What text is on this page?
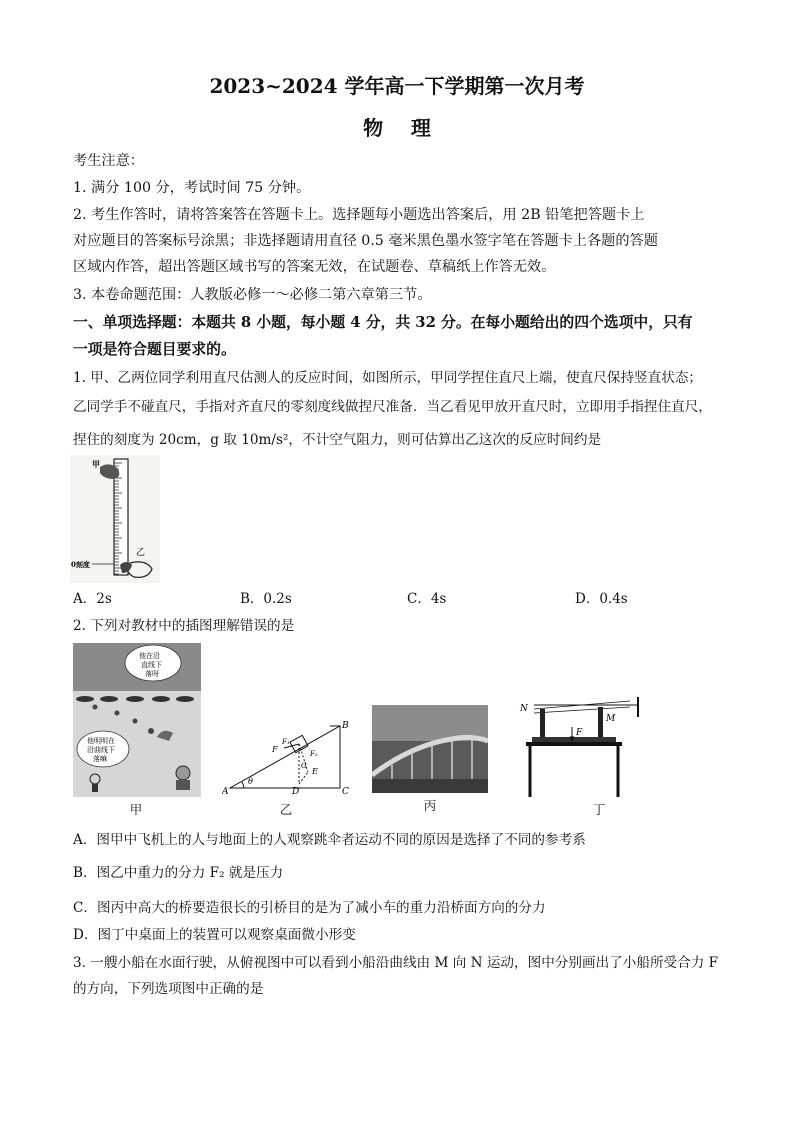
2023~2024 学年高一下学期第一次月考
物    理
考生注意：
1. 满分 100 分，考试时间 75 分钟。
2. 考生作答时，请将答案答在答题卡上。选择题每小题选出答案后，用 2B 铅笔把答题卡上
对应题目的答案标号涂黑；非选择题请用直径 0.5 毫米黑色墨水签字笔在答题卡上各题的答题
区域内作答，超出答题区域书写的答案无效，在试题卷、草稿纸上作答无效。
3. 本卷命题范围：人教版必修一～必修二第六章第三节。
一、单项选择题：本题共 8 小题，每小题 4 分，共 32 分。在每小题给出的四个选项中，只有
一项是符合题目要求的。
1. 甲、乙两位同学利用直尺估测人的反应时间，如图所示，甲同学捏住直尺上端，使直尺保持竖直状态；
乙同学手不碰直尺，手指对齐直尺的零刻度线做捏尺准备．当乙看见甲放开直尺时，立即用手指捏住直尺，
捏住的刻度为 20cm，g 取 10m/s²，不计空气阻力，则可估算出乙这次的反应时间约是
甲
乙
0刻度
A．2s	B．0.2s	C．4s	D．0.4s
2. 下列对教材中的插图理解错误的是
他在沿
直线下
落呀
他明明在
沿曲线下
落嘛
甲
A
B
C
D
E
F
F₁
F₂
G
θ
乙	丙
N
M
F
丁
A．图甲中飞机上的人与地面上的人观察跳伞者运动不同的原因是选择了不同的参考系
B．图乙中重力的分力 F₂ 就是压力
C．图丙中高大的桥要造很长的引桥目的是为了减小车的重力沿桥面方向的分力
D．图丁中桌面上的装置可以观察桌面微小形变
3. 一艘小船在水面行驶，从俯视图中可以看到小船沿曲线由 M 向 N 运动，图中分别画出了小船所受合力 F
的方向，下列选项图中正确的是
